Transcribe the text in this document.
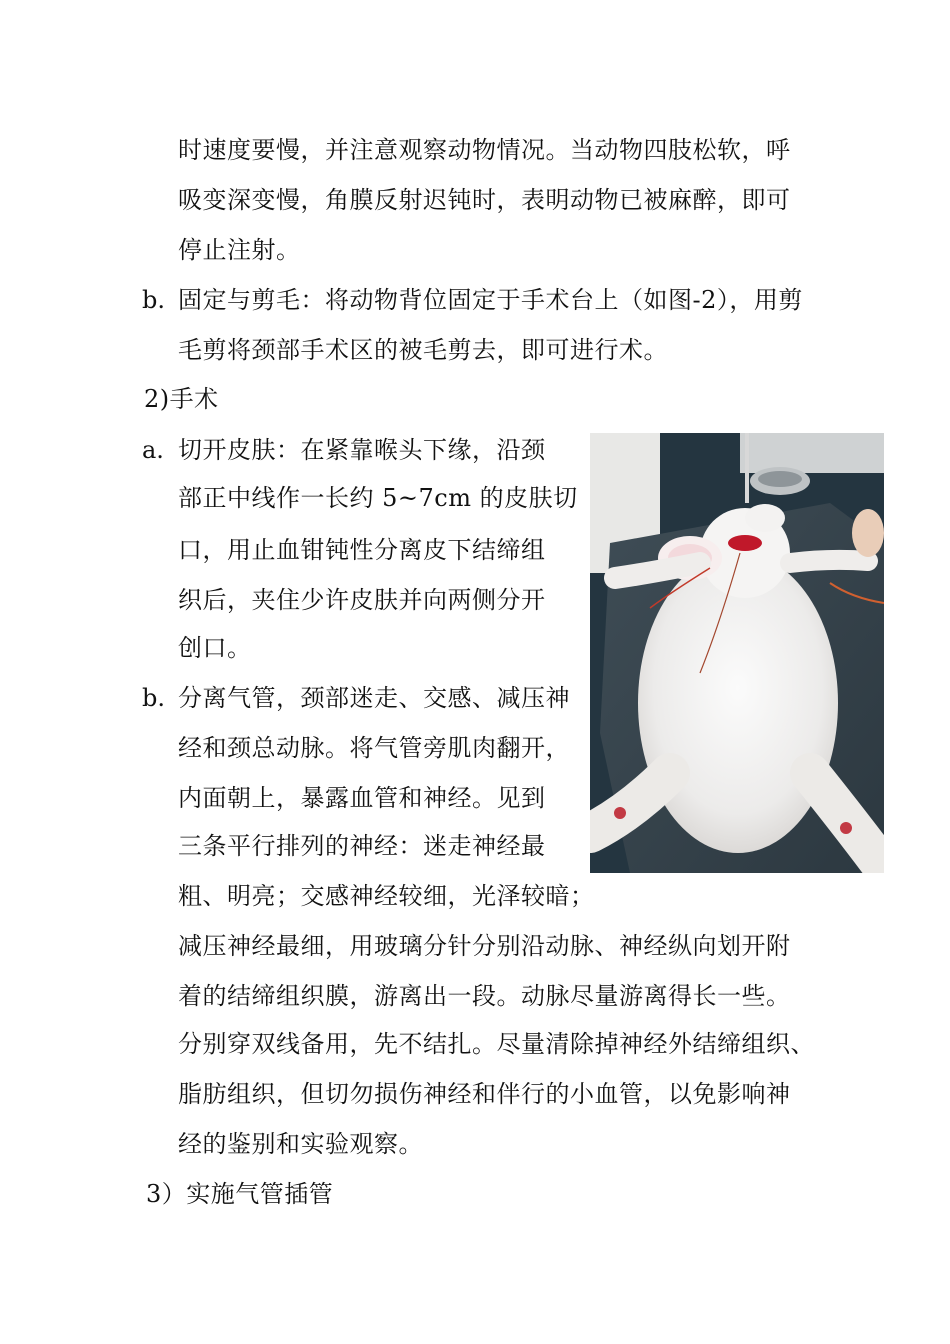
时速度要慢，并注意观察动物情况。当动物四肢松软，呼
吸变深变慢，角膜反射迟钝时，表明动物已被麻醉，即可
停止注射。
b. 固定与剪毛：将动物背位固定于手术台上（如图-2），用剪
毛剪将颈部手术区的被毛剪去，即可进行术。
2)手术
a. 切开皮肤：在紧靠喉头下缘，沿颈
部正中线作一长约 5~7cm 的皮肤切
口，用止血钳钝性分离皮下结缔组
织后，夹住少许皮肤并向两侧分开
创口。
b. 分离气管，颈部迷走、交感、减压神
经和颈总动脉。将气管旁肌肉翻开，
内面朝上，暴露血管和神经。见到
三条平行排列的神经：迷走神经最
粗、明亮；交感神经较细，光泽较暗；
减压神经最细，用玻璃分针分别沿动脉、神经纵向划开附
着的结缔组织膜，游离出一段。动脉尽量游离得长一些。
分别穿双线备用，先不结扎。尽量清除掉神经外结缔组织、
脂肪组织，但切勿损伤神经和伴行的小血管，以免影响神
经的鉴别和实验观察。
3）实施气管插管
